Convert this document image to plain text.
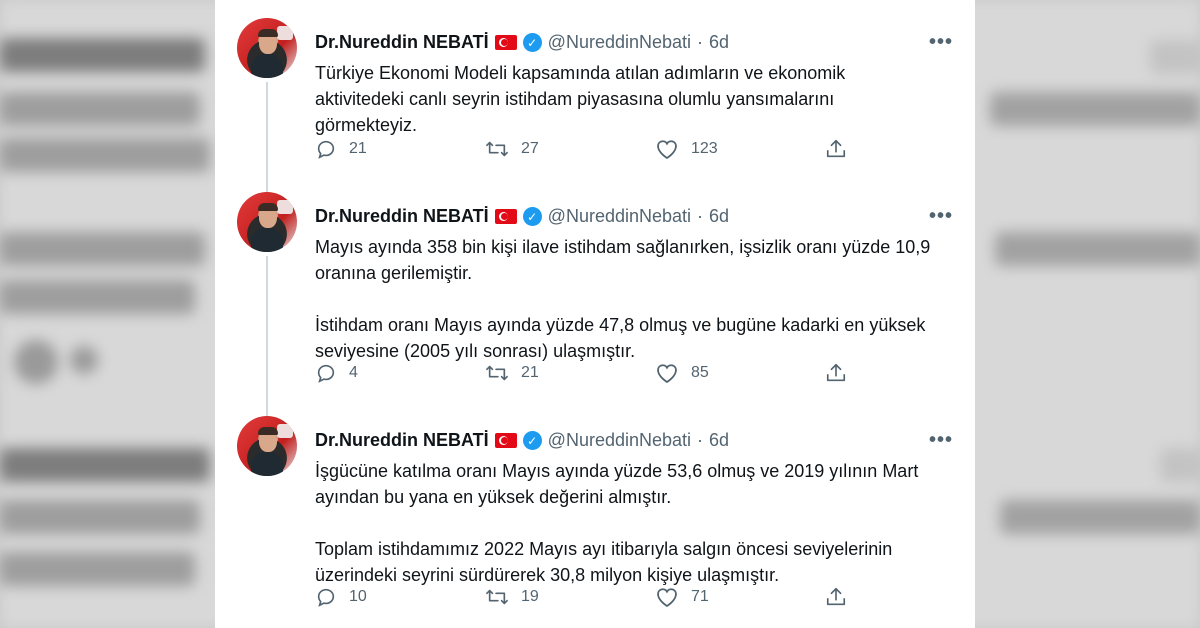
Dr.Nureddin NEBATİ	✓ @NureddinNebati · 6d	•••
Türkiye Ekonomi Modeli kapsamında atılan adımların ve ekonomik aktivitedeki canlı seyrin istihdam piyasasına olumlu yansımalarını görmekteyiz.
21	27	123
Dr.Nureddin NEBATİ	✓ @NureddinNebati · 6d	•••
Mayıs ayında 358 bin kişi ilave istihdam sağlanırken, işsizlik oranı yüzde 10,9 oranına gerilemiştir.

İstihdam oranı Mayıs ayında yüzde 47,8 olmuş ve bugüne kadarki en yüksek seviyesine (2005 yılı sonrası) ulaşmıştır.
4	21	85
Dr.Nureddin NEBATİ	✓ @NureddinNebati · 6d	•••
İşgücüne katılma oranı Mayıs ayında yüzde 53,6 olmuş ve 2019 yılının Mart ayından bu yana en yüksek değerini almıştır.

Toplam istihdamımız 2022 Mayıs ayı itibarıyla salgın öncesi seviyelerinin üzerindeki seyrini sürdürerek 30,8 milyon kişiye ulaşmıştır.
10	19	71
